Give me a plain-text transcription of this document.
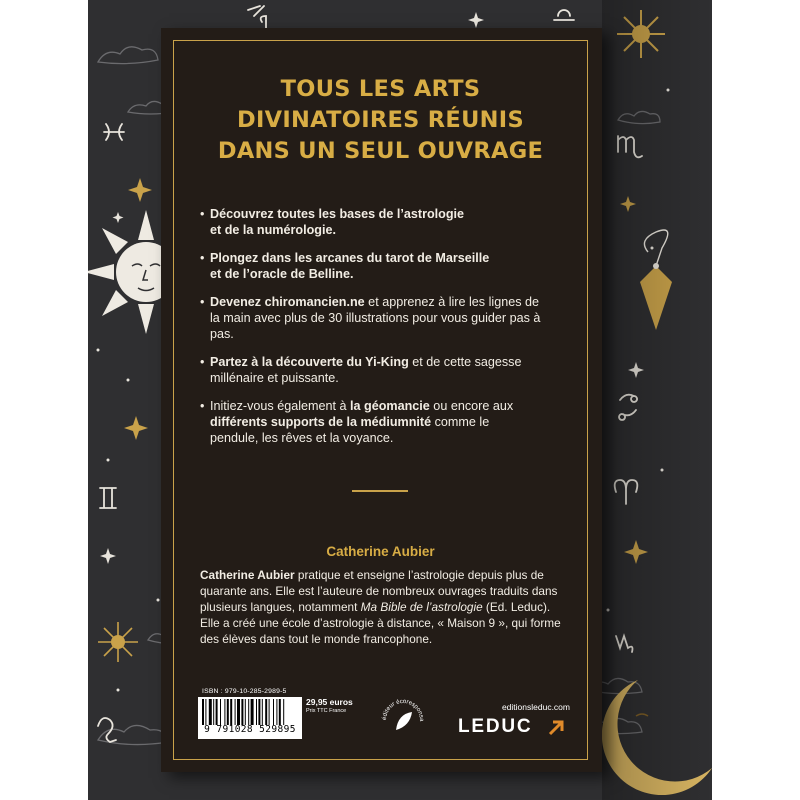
TOUS LES ARTS
DIVINATOIRES RÉUNIS
DANS UN SEUL OUVRAGE
• Découvrez toutes les bases de l’astrologie
et de la numérologie.
• Plongez dans les arcanes du tarot de Marseille
et de l’oracle de Belline.
• Devenez chiromancien.ne et apprenez à lire les lignes de la main avec plus de 30 illustrations pour vous guider pas à pas.
• Partez à la découverte du Yi-King et de cette sagesse millénaire et puissante.
• Initiez-vous également à la géomancie ou encore aux différents supports de la médiumnité comme le pendule, les rêves et la voyance.
Catherine Aubier
Catherine Aubier pratique et enseigne l’astrologie depuis plus de quarante ans. Elle est l’auteure de nombreux ouvrages traduits dans plusieurs langues, notamment Ma Bible de l’astrologie (Ed. Leduc). Elle a créé une école d’astrologie à distance, « Maison 9 », qui forme des élèves dans tout le monde francophone.
ISBN : 979-10-285-2989-5
9 791028 529895
29,95 euros
Prix TTC France
éditeur écoresponsa
editionsleduc.com
LEDUC
